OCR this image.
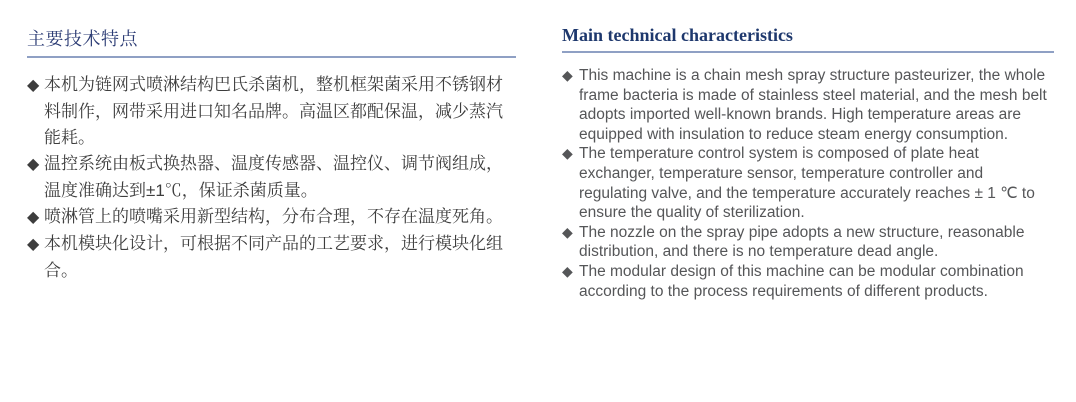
主要技术特点
◆ 本机为链网式喷淋结构巴氏杀菌机，整机框架菌采用不锈钢材料制作，网带采用进口知名品牌。高温区都配保温，减少蒸汽能耗。
◆ 温控系统由板式换热器、温度传感器、温控仪、调节阀组成，温度准确达到±1℃，保证杀菌质量。
◆ 喷淋管上的喷嘴采用新型结构，分布合理，不存在温度死角。
◆ 本机模块化设计，可根据不同产品的工艺要求，进行模块化组合。
Main technical characteristics
◆ This machine is a chain mesh spray structure pasteurizer, the whole frame bacteria is made of stainless steel material, and the mesh belt adopts imported well-known brands. High temperature areas are equipped with insulation to reduce steam energy consumption.
◆ The temperature control system is composed of plate heat exchanger, temperature sensor, temperature controller and regulating valve, and the temperature accurately reaches ± 1 ℃ to ensure the quality of sterilization.
◆ The nozzle on the spray pipe adopts a new structure, reasonable distribution, and there is no temperature dead angle.
◆ The modular design of this machine can be modular combination according to the process requirements of different products.
